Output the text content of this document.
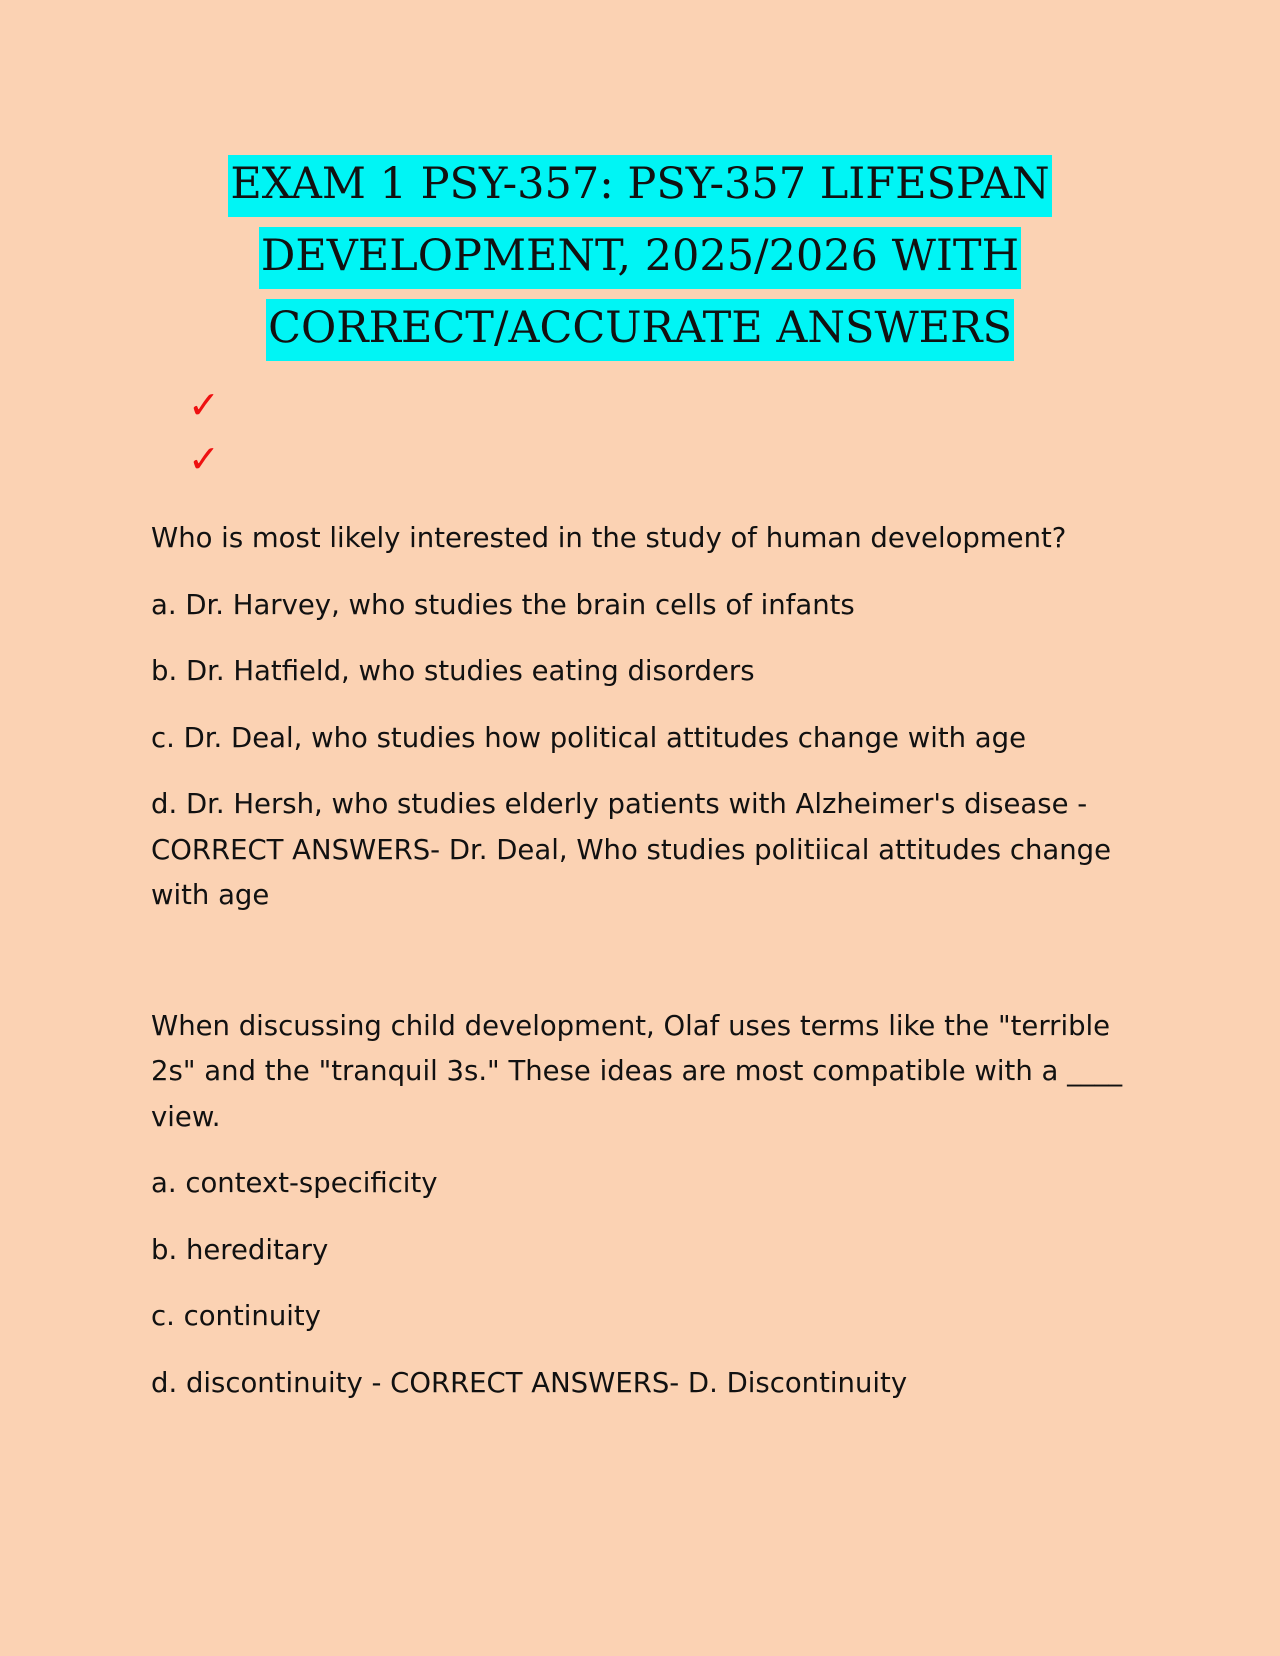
EXAM 1 PSY-357: PSY-357 LIFESPAN
DEVELOPMENT, 2025/2026 WITH
CORRECT/ACCURATE ANSWERS
✓
✓

Who is most likely interested in the study of human development?

a. Dr. Harvey, who studies the brain cells of infants

b. Dr. Hatfield, who studies eating disorders

c. Dr. Deal, who studies how political attitudes change with age

d. Dr. Hersh, who studies elderly patients with Alzheimer's disease - CORRECT ANSWERS- Dr. Deal, Who studies politiical attitudes change with age

When discussing child development, Olaf uses terms like the "terrible 2s" and the "tranquil 3s." These ideas are most compatible with a ____ view.

a. context-specificity

b. hereditary

c. continuity

d. discontinuity - CORRECT ANSWERS- D. Discontinuity
